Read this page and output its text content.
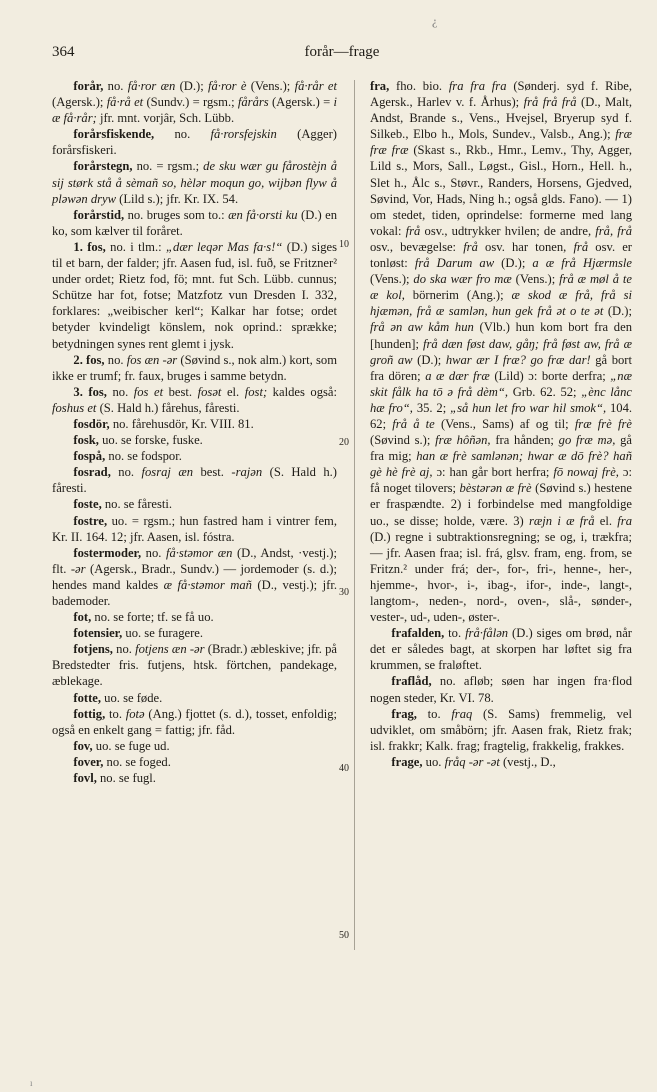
364	forår—frage
¿

forår, no. få·ror æn (D.); få·ror è (Vens.); få·rår et (Agersk.); få·rå et (Sundv.) = rgsm.; fårårs (Agersk.) = i æ få·rår; jfr. mnt. vorjâr, Sch. Lübb.

forårsfiskende, no. få·rorsfejskin (Agger) forårsfiskeri.

forårstegn, no. = rgsm.; de sku wær gu fårostèjn å sij størk stå å sèmañ so, hèlər moqun go, wijbən flyw å pləwən dryw (Lild s.); jfr. Kr. IX. 54.

forårstid, no. bruges som to.: æn få·orsti ku (D.) en ko, som kælver til foråret.

1. fos, no. i tlm.: „dær leqər Mas fa·s!“ (D.) siges til et barn, der falder; jfr. Aasen fud, isl. fuð, se Fritzner² under ordet; Rietz fod, fö; mnt. fut Sch. Lübb. cunnus; Schütze har fot, fotse; Matzfotz vun Dresden I. 332, forklares: „weibischer kerl“; Kalkar har fotse; ordet betyder kvindeligt könslem, nok oprind.: sprække; betydningen synes rent glemt i jysk.

2. fos, no. fos æn -ər (Søvind s., nok alm.) kort, som ikke er trumf; fr. faux, bruges i samme betydn.

3. fos, no. fos et best. fosət el. fost; kaldes også: foshus et (S. Hald h.) fårehus, fåresti.

fosdör, no. fårehusdör, Kr. VIII. 81.

fosk, uo. se forske, fuske.

fospå, no. se fodspor.

fosrad, no. fosraj æn best. -rajən (S. Hald h.) fåresti.

foste, no. se fåresti.

fostre, uo. = rgsm.; hun fastred ham i vintrer fem, Kr. II. 164. 12; jfr. Aasen, isl. fóstra.

fostermoder, no. få·stəmor æn (D., Andst, ·vestj.); flt. -ər (Agersk., Bradr., Sundv.) — jordemoder (s. d.); hendes mand kaldes æ få·stəmor mañ (D., vestj.); jfr. bademoder.

fot, no. se forte; tf. se få uo.

fotensier, uo. se furagere.

fotjens, no. fotjens æn -ər (Bradr.) æbleskive; jfr. på Bredstedter fris. futjens, htsk. förtchen, pandekage, æblekage.

fotte, uo. se føde.

fottig, to. fotə (Ang.) fjottet (s. d.), tosset, enfoldig; også en enkelt gang = fattig; jfr. fåd.

fov, uo. se fuge ud.

fover, no. se foged.

fovl, no. se fugl.

fra, fho. bio. fra fra fra (Sønderj. syd f. Ribe, Agersk., Harlev v. f. Århus); frå frå frå (D., Malt, Andst, Brande s., Vens., Hvejsel, Bryerup syd f. Silkeb., Elbo h., Mols, Sundev., Valsb., Ang.); fræ fræ fræ (Skast s., Rkb., Hmr., Lemv., Thy, Agger, Lild s., Mors, Sall., Løgst., Gisl., Horn., Hell. h., Slet h., Ålc s., Støvr., Randers, Horsens, Gjedved, Søvind, Vor, Hads, Ning h.; også glds. Fano). — 1) om stedet, tiden, oprindelse: formerne med lang vokal: frå osv., udtrykker hvilen; de andre, frå, frå osv., bevægelse: frå osv. har tonen, frå osv. er tonløst: frå Darum aw (D.); a æ frå Hjærmsle (Vens.); do ska wær fro mæ (Vens.); frå æ møl å te æ kol, börnerim (Ang.); æ skod æ frå, frå si hjæmən, frå æ samlən, hun gek frå ət o te ət (D.); frå ən aw kåm hun (Vlb.) hun kom bort fra den [hunden]; frå dæn føst daw, gåŋ; frå føst aw, frå æ groñ aw (D.); hwar ær I fræ? go fræ dar! gå bort fra dören; a æ dær fræ (Lild) ɔ: borte derfra; „næ skit fålk ha tō ə frå dèm“, Grb. 62. 52; „ènc lånc hæ fro“, 35. 2; „så hun let fro war hil smok“, 104. 62; frå å te (Vens., Sams) af og til; fræ frè frè (Søvind s.); fræ hôñən, fra hånden; go fræ mə, gå fra mig; han æ frè samlənən; hwar æ dō frè? hañ gè hè frè aj, ɔ: han går bort herfra; fō nowaj frè, ɔ: få noget tilovers; bèstərən æ frè (Søvind s.) hestene er fraspændte. 2) i forbindelse med mangfoldige uo., se disse; holde, være. 3) ræjn i æ frå el. fra (D.) regne i subtraktionsregning; se og, i, trækfra; — jfr. Aasen fraa; isl. frá, glsv. fram, eng. from, se Fritzn.² under frá; der-, for-, fri-, henne-, her-, hjemme-, hvor-, i-, ibag-, ifor-, inde-, langt-, langtom-, neden-, nord-, oven-, slå-, sønder-, vester-, ud-, uden-, øster-.

frafalden, to. frå·fålən (D.) siges om brød, når det er således bagt, at skorpen har løftet sig fra krummen, se fraløftet.

fraflåd, no. afløb; søen har ingen fra·flod nogen steder, Kr. VI. 78.

frag, to. fraq (S. Sams) fremmelig, vel udviklet, om småbörn; jfr. Aasen frak, Rietz frak; isl. frakkr; Kalk. frag; fragtelig, frakkelig, frakkes.

frage, uo. fråq -ər -ət (vestj., D.,

10
20
30
40
50
ı
